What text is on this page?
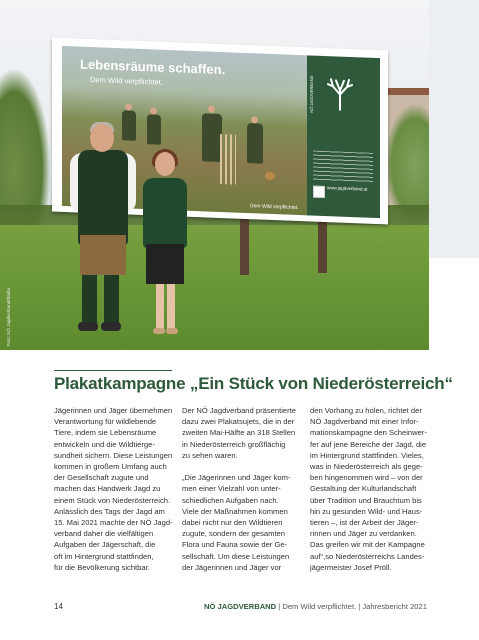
Lebensräume schaffen.
Dem Wild verpflichtet.
Dem Wild verpflichtet.
NÖ JAGDVERBAND
www.jagdverband.at
Foto: NÖ Jagdverband/Blaha
Plakatkampagne „Ein Stück von Niederösterreich“

Jägerinnen und Jäger übernehmen

Verantwortung für wildlebende

Tiere, indem sie Lebensräume

entwickeln und die Wildtierge-

sundheit sichern. Diese Leistungen

kommen in großem Umfang auch

der Gesellschaft zugute und

machen das Handwerk Jagd zu

einem Stück von Niederösterreich.

Anlässlich des Tags der Jagd am

15. Mai 2021 machte der NÖ Jagd-

verband daher die vielfältigen

Aufgaben der Jägerschaft, die

oft im Hintergrund stattfinden,

für die Bevölkerung sichtbar.

Der NÖ Jagdverband präsentierte

dazu zwei Plakatsujets, die in der

zweiten Mai-Hälfte an 318 Stellen

in Niederösterreich großflächig

zu sehen waren.

„Die Jägerinnen und Jäger kom-

men einer Vielzahl von unter-

schiedlichen Aufgaben nach.

Viele der Maßnahmen kommen

dabei nicht nur den Wildtieren

zugute, sondern der gesamten

Flora und Fauna sowie der Ge-

sellschaft. Um diese Leistungen

der Jägerinnen und Jäger vor

den Vorhang zu holen, richtet der

NÖ Jagdverband mit einer Infor-

mationskampagne den Scheinwer-

fer auf jene Bereiche der Jagd, die

im Hintergrund stattfinden. Vieles,

was in Niederösterreich als gege-

ben hingenommen wird – von der

Gestaltung der Kulturlandschaft

über Tradition und Brauchtum bis

hin zu gesunden Wild- und Haus-

tieren –, ist der Arbeit der Jäger-

rinnen und Jäger zu verdanken.

Das greifen wir mit der Kampagne

auf“,so Niederösterreichs Landes-

jägermeister Josef Pröll.

14	NÖ JAGDVERBAND | Dem Wild verpflichtet. | Jahresbericht 2021
